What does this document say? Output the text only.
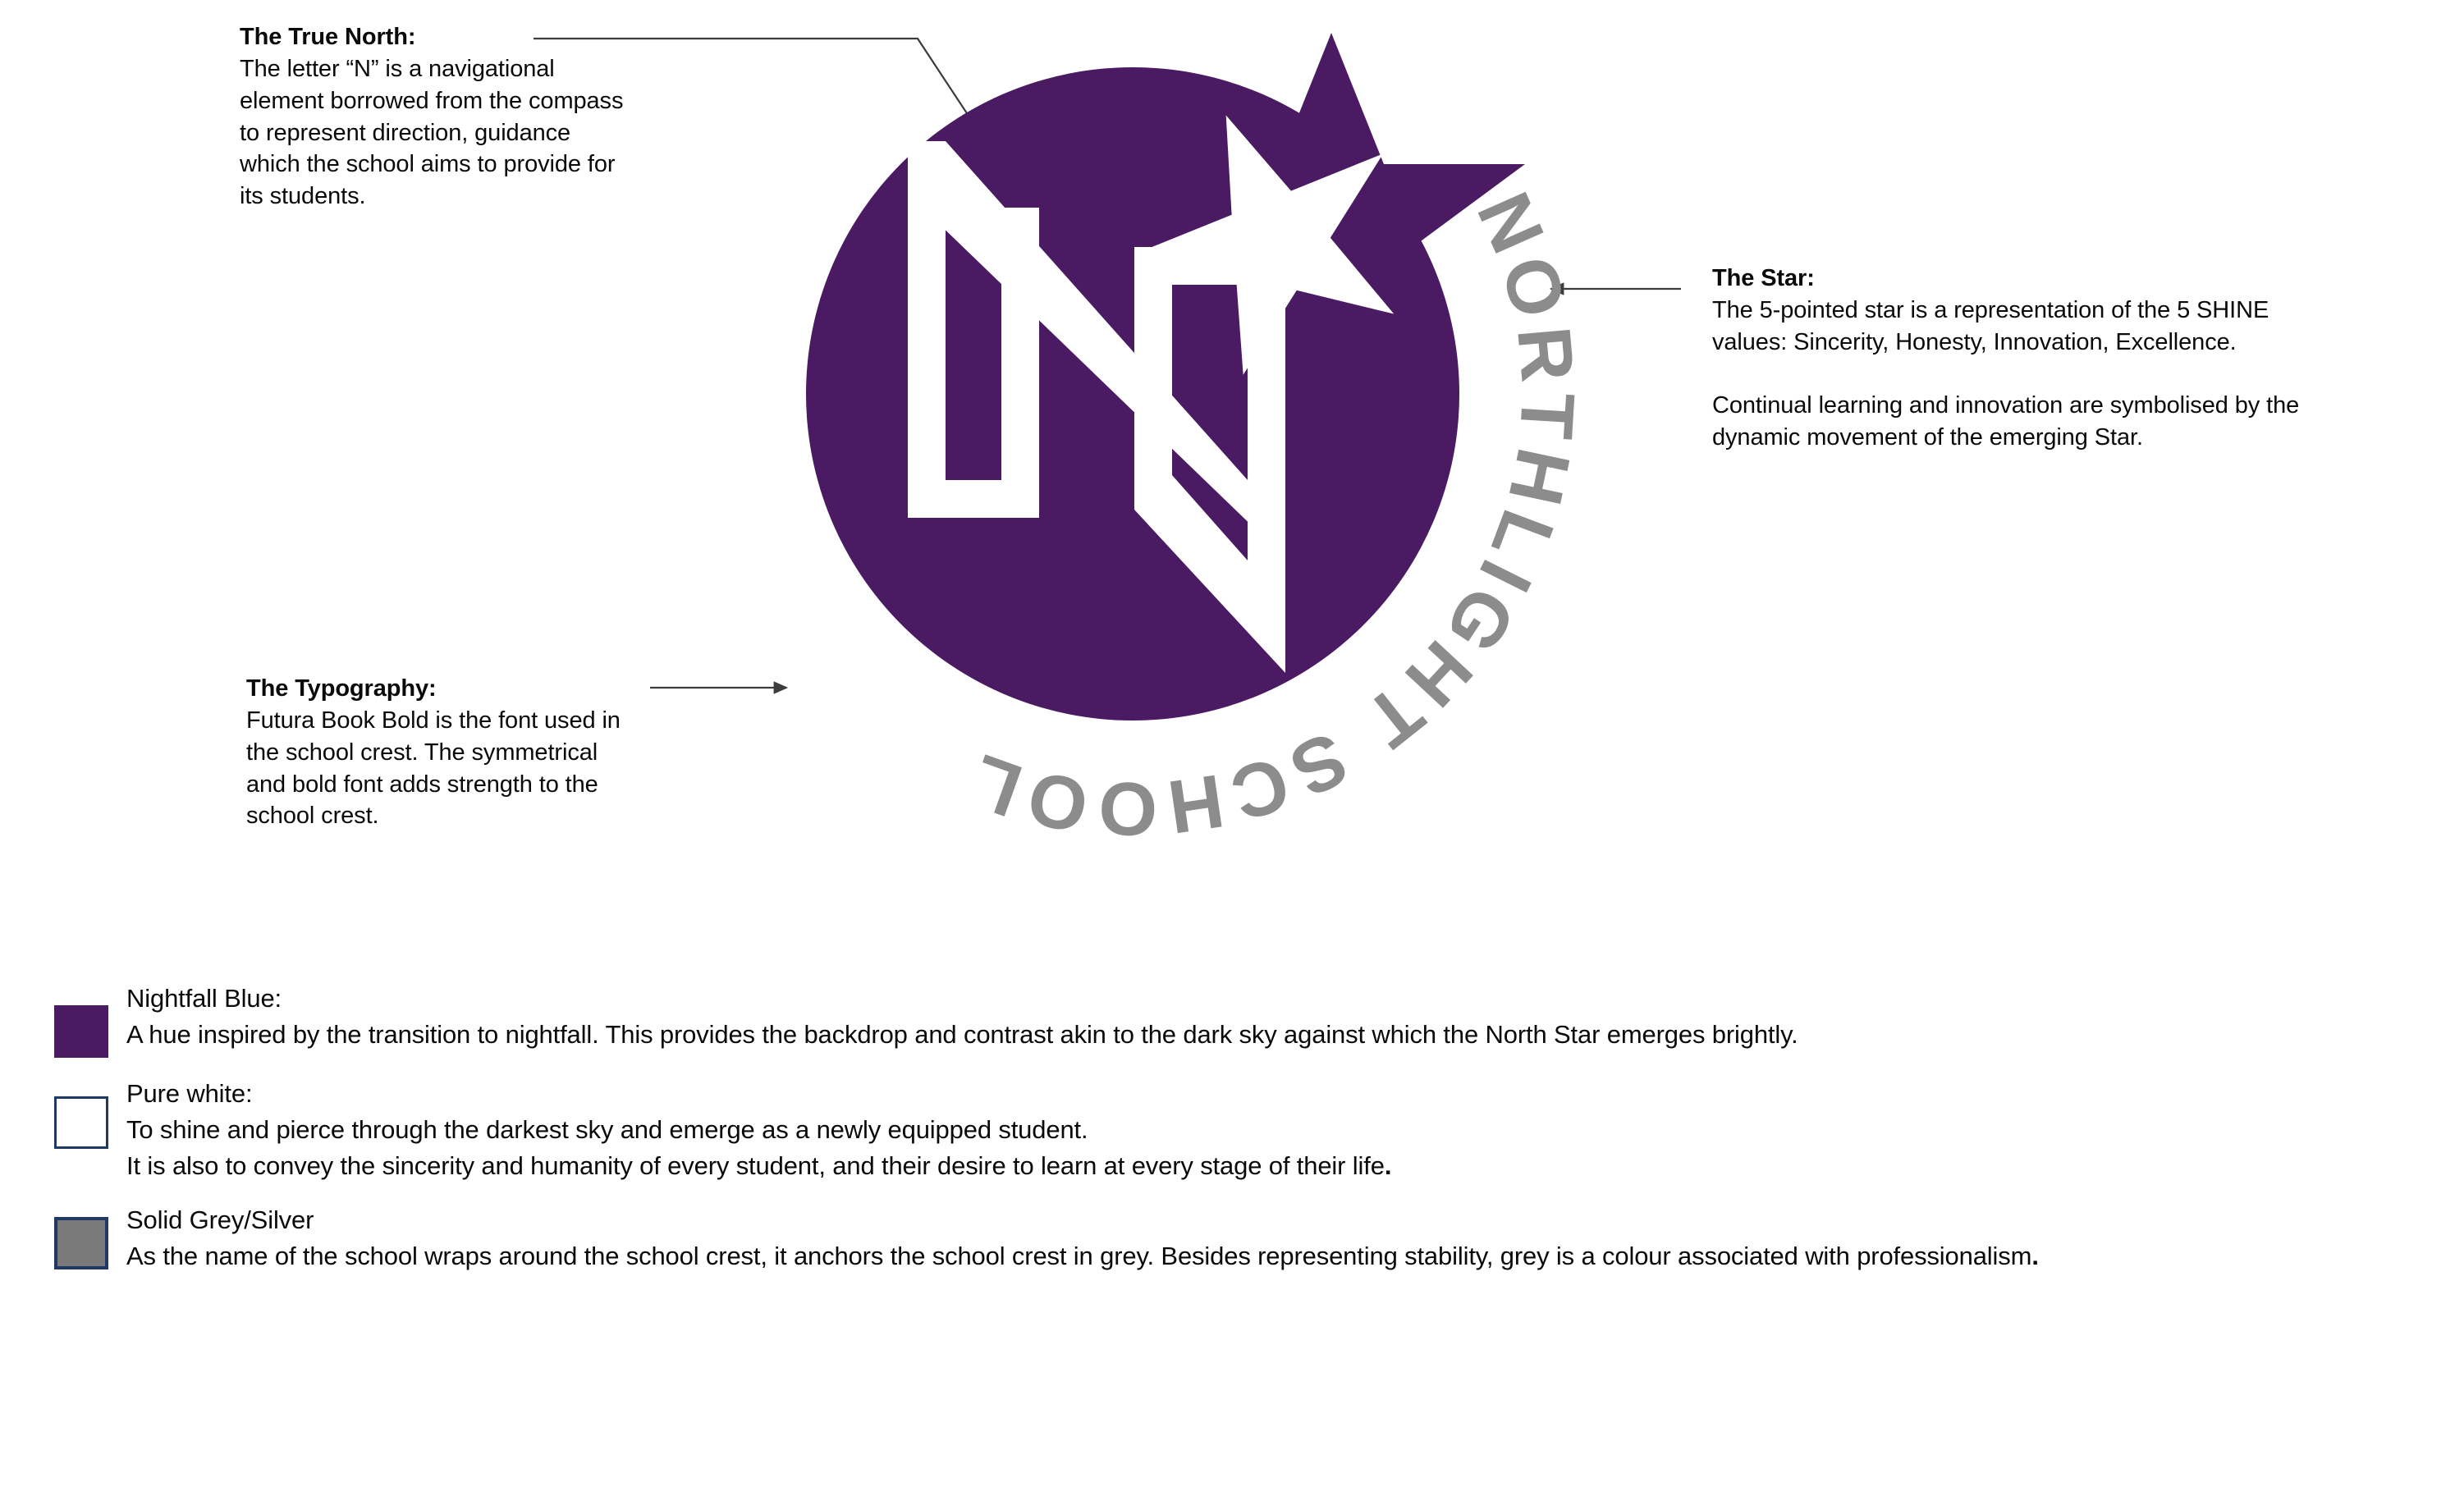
The True North:

The letter “N” is a navigational element borrowed from the compass to represent direction, guidance which the school aims to provide for its students.

The Star:

The 5-pointed star is a representation of the 5 SHINE values: Sincerity, Honesty, Innovation, Excellence.

Continual learning and innovation are symbolised by the dynamic movement of the emerging Star.

The Typography:

Futura Book Bold is the font used in the school crest. The symmetrical and bold font adds strength to the school crest.

NORTHLIGHT SCHOOL
Nightfall Blue:

A hue inspired by the transition to nightfall. This provides the backdrop and contrast akin to the dark sky against which the North Star emerges brightly.

Pure white:

To shine and pierce through the darkest sky and emerge as a newly equipped student.

It is also to convey the sincerity and humanity of every student, and their desire to learn at every stage of their life.

Solid Grey/Silver

As the name of the school wraps around the school crest, it anchors the school crest in grey. Besides representing stability, grey is a colour associated with professionalism.
